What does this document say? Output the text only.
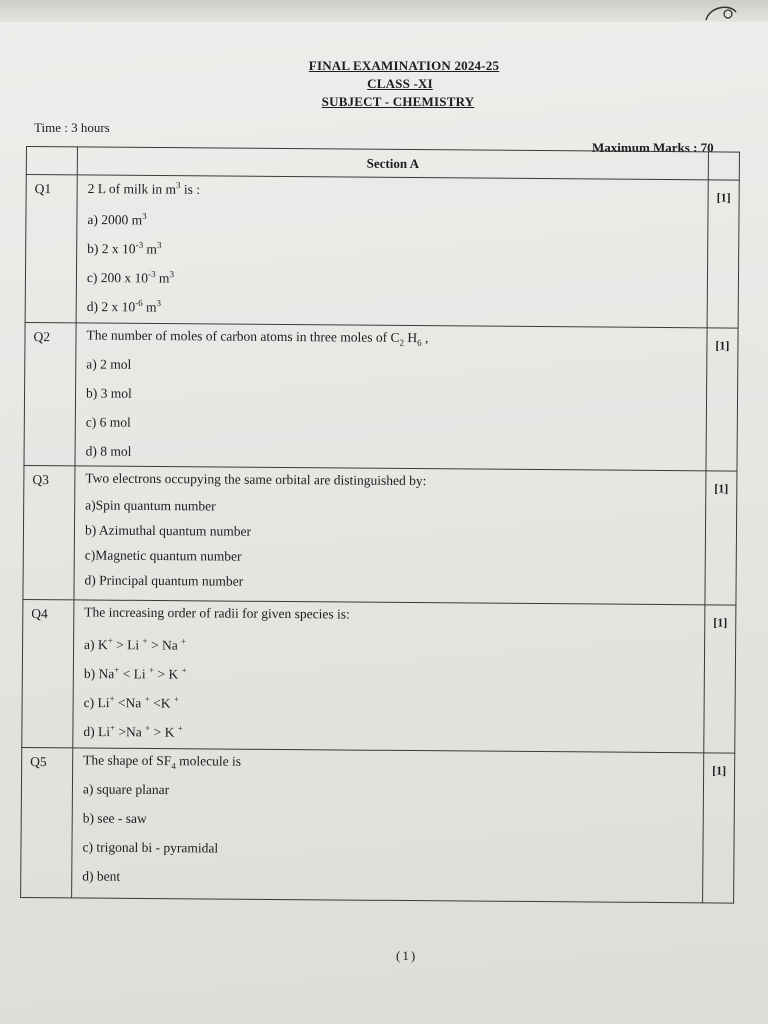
FINAL EXAMINATION 2024-25
CLASS -XI
SUBJECT - CHEMISTRY
Time : 3 hours
Maximum Marks : 70
	Section A	

Q1	2 L of milk in $m^3$ is :
a) 2000 $m^3$
b) 2 x $10^{-3}$ $m^3$
c) 200 x $10^{-3}$ $m^3$
d) 2 x $10^{-6}$ $m^3$	[1]

Q2	The number of moles of carbon atoms in three moles of $C_2$ $H_6$ ,
a) 2 mol
b) 3 mol
c) 6 mol
d) 8 mol	[1]

Q3	Two electrons occupying the same orbital are distinguished by:
a)Spin quantum number
b) Azimuthal quantum number
c)Magnetic quantum number
d) Principal quantum number	[1]

Q4	The increasing order of radii for given species is:
a) K+ > Li + > Na +
b) Na+ < Li + > K +
c) Li+ <Na + <K +
d) Li+ >Na + > K +	[1]

Q5	The shape of $SF_4$ molecule is
a) square planar
b) see - saw
c) trigonal bi - pyramidal
d) bent	[1]
(1)
